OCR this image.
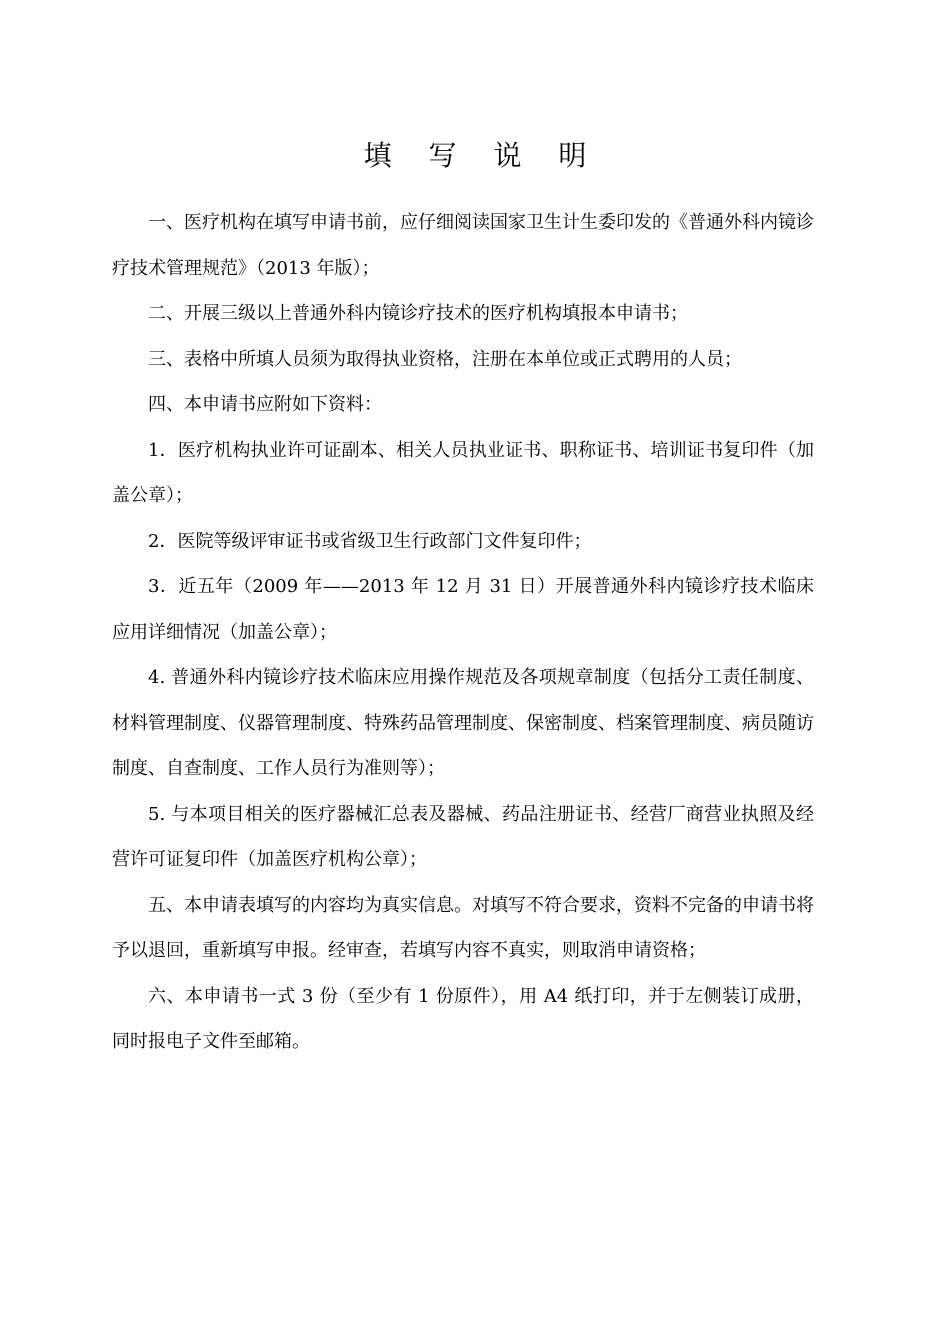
填 写 说 明

一、医疗机构在填写申请书前，应仔细阅读国家卫生计生委印发的《普通外科内镜诊疗技术管理规范》（2013 年版）；

二、开展三级以上普通外科内镜诊疗技术的医疗机构填报本申请书；

三、表格中所填人员须为取得执业资格，注册在本单位或正式聘用的人员；

四、本申请书应附如下资料：

1．医疗机构执业许可证副本、相关人员执业证书、职称证书、培训证书复印件（加盖公章）；

2．医院等级评审证书或省级卫生行政部门文件复印件；

3．近五年（2009 年——2013 年 12 月 31 日）开展普通外科内镜诊疗技术临床应用详细情况（加盖公章）；

4. 普通外科内镜诊疗技术临床应用操作规范及各项规章制度（包括分工责任制度、材料管理制度、仪器管理制度、特殊药品管理制度、保密制度、档案管理制度、病员随访制度、自查制度、工作人员行为准则等）；

5. 与本项目相关的医疗器械汇总表及器械、药品注册证书、经营厂商营业执照及经营许可证复印件（加盖医疗机构公章）；

五、本申请表填写的内容均为真实信息。对填写不符合要求，资料不完备的申请书将予以退回，重新填写申报。经审查，若填写内容不真实，则取消申请资格；

六、本申请书一式 3 份（至少有 1 份原件），用 A4 纸打印，并于左侧装订成册，同时报电子文件至邮箱。
